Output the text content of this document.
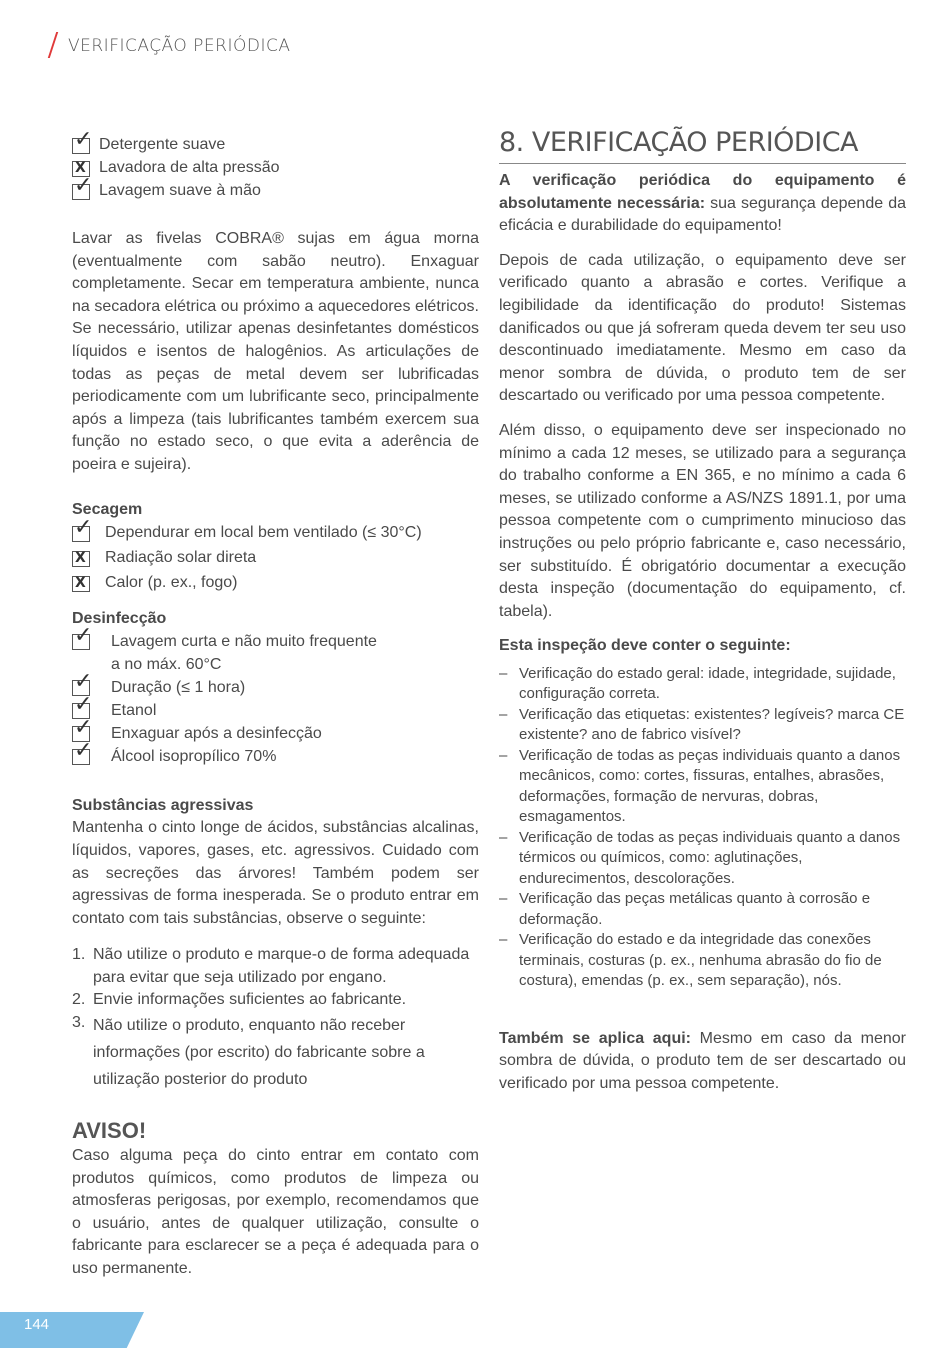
VERIFICAÇÃO PERIÓDICA
✓
Detergente suave
X
Lavadora de alta pressão
✓
Lavagem suave à mão

Lavar as fivelas COBRA® sujas em água morna (eventualmente com sabão neutro). Enxaguar completamente. Secar em temperatura ambiente, nunca na secadora elétrica ou próximo a aquecedores elétricos. Se necessário, utilizar apenas desinfetantes domésticos líquidos e isentos de halogênios. As articulações de todas as peças de metal devem ser lubrificadas periodicamente com um lubrificante seco, principalmente após a limpeza (tais lubrificantes também exercem sua função no estado seco, o que evita a aderência de poeira e sujeira).

Secagem

✓
Dependurar em local bem ventilado (≤ 30°C)
X
Radiação solar direta
X
Calor (p. ex., fogo)

Desinfecção

✓
Lavagem curta e não muito frequente
a no máx. 60°C
✓
Duração (≤ 1 hora)
✓
Etanol
✓
Enxaguar após a desinfecção
✓
Álcool isopropílico 70%

Substâncias agressivas

Mantenha o cinto longe de ácidos, substâncias alcalinas, líquidos, vapores, gases, etc. agressivos. Cuidado com as secreções das árvores! Também podem ser agressivas de forma inesperada. Se o produto entrar em contato com tais substâncias, observe o seguinte:

1. Não utilize o produto e marque-o de forma adequada para evitar que seja utilizado por engano.
2. Envie informações suficientes ao fabricante.
3. Não utilize o produto, enquanto não receber informações (por escrito) do fabricante sobre a utilização posterior do produto

AVISO!

Caso alguma peça do cinto entrar em contato com produtos químicos, como produtos de limpeza ou atmosferas perigosas, por exemplo, recomendamos que o usuário, antes de qualquer utilização, consulte o fabricante para esclarecer se a peça é adequada para o uso permanente.

8. VERIFICAÇÃO PERIÓDICA

A verificação periódica do equipamento é absolutamente necessária: sua segurança depende da eficácia e durabilidade do equipamento!

Depois de cada utilização, o equipamento deve ser verificado quanto a abrasão e cortes. Verifique a legibilidade da identificação do produto! Sistemas danificados ou que já sofreram queda devem ter seu uso descontinuado imediatamente. Mesmo em caso da menor sombra de dúvida, o produto tem de ser descartado ou verificado por uma pessoa competente.

Além disso, o equipamento deve ser inspecionado no mínimo a cada 12 meses, se utilizado para a segurança do trabalho conforme a EN 365, e no mínimo a cada 6 meses, se utilizado conforme a AS/NZS 1891.1, por uma pessoa competente com o cumprimento minucioso das instruções ou pelo próprio fabricante e, caso necessário, ser substituído. É obrigatório documentar a execução desta inspeção (documentação do equipamento, cf. tabela).

Esta inspeção deve conter o seguinte:

– Verificação do estado geral: idade, integridade, sujidade, configuração correta.
– Verificação das etiquetas: existentes? legíveis? marca CE existente? ano de fabrico visível?
– Verificação de todas as peças individuais quanto a danos mecânicos, como: cortes, fissuras, entalhes, abrasões, deformações, formação de nervuras, dobras, esmagamentos.
– Verificação de todas as peças individuais quanto a danos térmicos ou químicos, como: aglutinações, endurecimentos, descolorações.
– Verificação das peças metálicas quanto à corrosão e deformação.
– Verificação do estado e da integridade das conexões terminais, costuras (p. ex., nenhuma abrasão do fio de costura), emendas (p. ex., sem separação), nós.

Também se aplica aqui: Mesmo em caso da menor sombra de dúvida, o produto tem de ser descartado ou verificado por uma pessoa competente.

144
